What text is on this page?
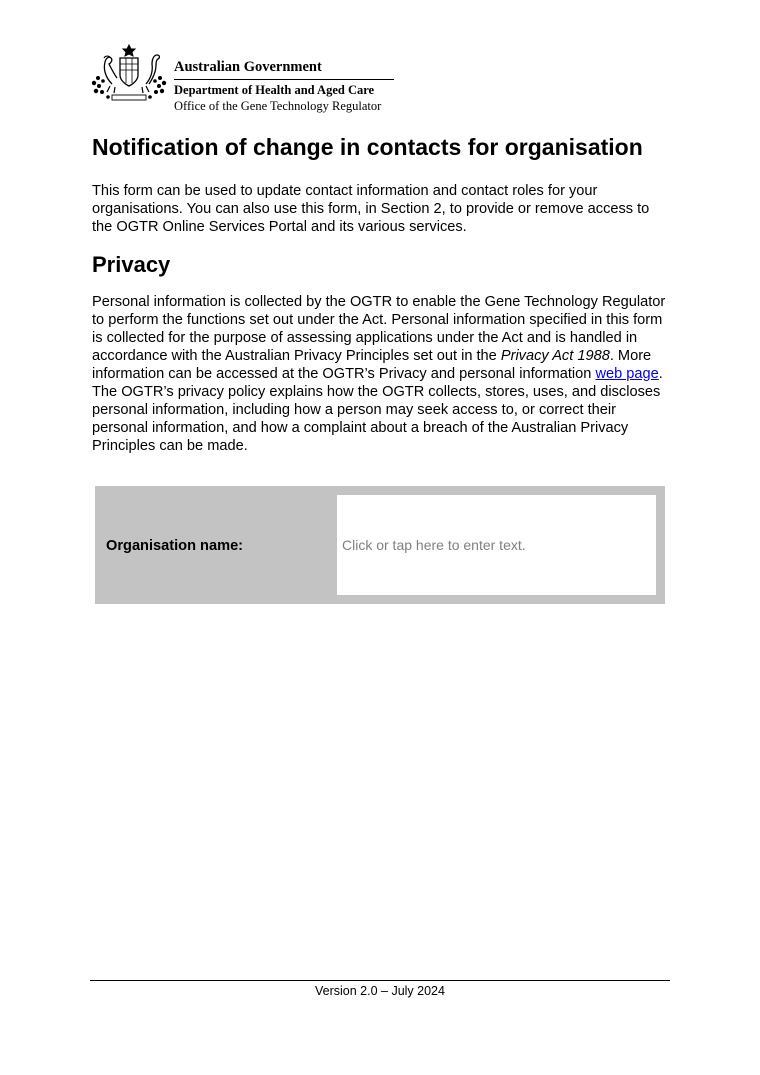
Australian Government
Department of Health and Aged Care
Office of the Gene Technology Regulator
Notification of change in contacts for organisation

This form can be used to update contact information and contact roles for your organisations. You can also use this form, in Section 2, to provide or remove access to the OGTR Online Services Portal and its various services.

Privacy

Personal information is collected by the OGTR to enable the Gene Technology Regulator to perform the functions set out under the Act. Personal information specified in this form is collected for the purpose of assessing applications under the Act and is handled in accordance with the Australian Privacy Principles set out in the Privacy Act 1988. More information can be accessed at the OGTR’s Privacy and personal information web page. The OGTR’s privacy policy explains how the OGTR collects, stores, uses, and discloses personal information, including how a person may seek access to, or correct their personal information, and how a complaint about a breach of the Australian Privacy Principles can be made.

Organisation name:
Click or tap here to enter text.
Version 2.0 – July 2024
